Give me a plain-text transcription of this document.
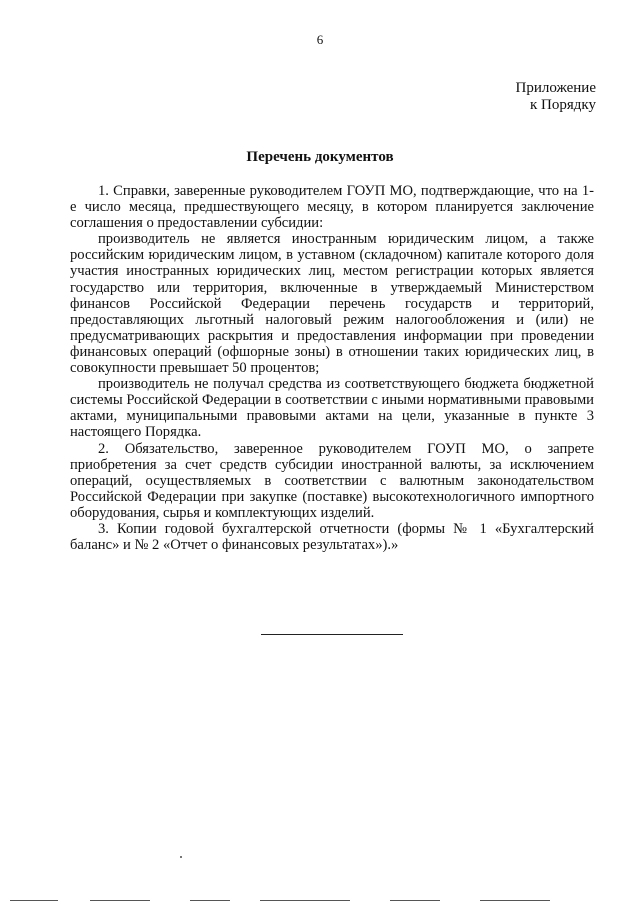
6
Приложение
к Порядку
Перечень документов

1. Справки, заверенные руководителем ГОУП МО, подтверждающие, что на 1-е число месяца, предшествующего месяцу, в котором планируется заключение соглашения о предоставлении субсидии:

производитель не является иностранным юридическим лицом, а также российским юридическим лицом, в уставном (складочном) капитале которого доля участия иностранных юридических лиц, местом регистрации которых является государство или территория, включенные в утверждаемый Министерством финансов Российской Федерации перечень государств и территорий, предоставляющих льготный налоговый режим налогообложения и (или) не предусматривающих раскрытия и предоставления информации при проведении финансовых операций (офшорные зоны) в отношении таких юридических лиц, в совокупности превышает 50 процентов;

производитель не получал средства из соответствующего бюджета бюджетной системы Российской Федерации в соответствии с иными нормативными правовыми актами, муниципальными правовыми актами на цели, указанные в пункте 3 настоящего Порядка.

2. Обязательство, заверенное руководителем ГОУП МО, о запрете приобретения за счет средств субсидии иностранной валюты, за исключением операций, осуществляемых в соответствии с валютным законодательством Российской Федерации при закупке (поставке) высокотехнологичного импортного оборудования, сырья и комплектующих изделий.

3. Копии годовой бухгалтерской отчетности (формы № 1 «Бухгалтерский баланс» и № 2 «Отчет о финансовых результатах»).»
